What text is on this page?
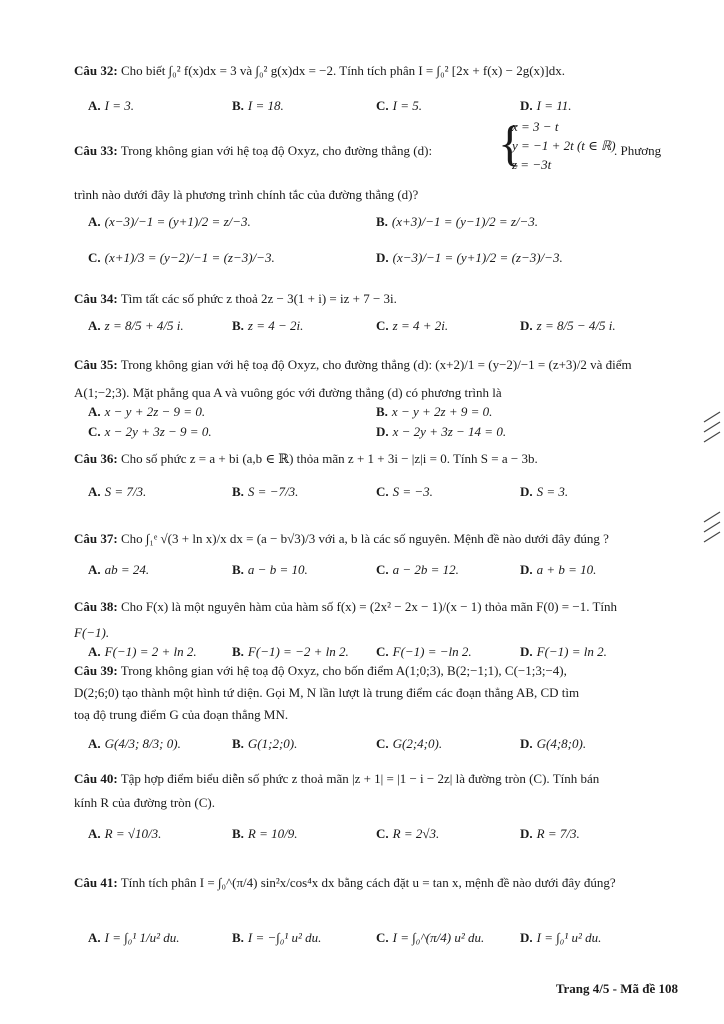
Câu 32: Cho biết ∫₀² f(x)dx = 3 và ∫₀² g(x)dx = −2. Tính tích phân I = ∫₀² [2x + f(x) − 2g(x)]dx.
A. I = 3.	B. I = 18.	C. I = 5.	D. I = 11.
Câu 33: Trong không gian với hệ toạ độ Oxyz, cho đường thẳng (d):	{
x = 3 − t
y = −1 + 2t (t ∈ ℝ)
z = −3t
. Phương
trình nào dưới đây là phương trình chính tắc của đường thẳng (d)?
A. (x−3)/−1 = (y+1)/2 = z/−3.	B. (x+3)/−1 = (y−1)/2 = z/−3.
C. (x+1)/3 = (y−2)/−1 = (z−3)/−3.	D. (x−3)/−1 = (y+1)/2 = (z−3)/−3.
Câu 34: Tìm tất các số phức z thoả 2z − 3(1 + i) = iz + 7 − 3i.
A. z = 8/5 + 4/5 i.	B. z = 4 − 2i.	C. z = 4 + 2i.	D. z = 8/5 − 4/5 i.
Câu 35: Trong không gian với hệ toạ độ Oxyz, cho đường thẳng (d): (x+2)/1 = (y−2)/−1 = (z+3)/2 và điểm
A(1;−2;3). Mặt phẳng qua A và vuông góc với đường thẳng (d) có phương trình là
A. x − y + 2z − 9 = 0.	B. x − y + 2z + 9 = 0.
C. x − 2y + 3z − 9 = 0.	D. x − 2y + 3z − 14 = 0.
Câu 36: Cho số phức z = a + bi (a,b ∈ ℝ) thỏa mãn z + 1 + 3i − |z|i = 0. Tính S = a − 3b.
A. S = 7/3.	B. S = −7/3.	C. S = −3.	D. S = 3.
Câu 37: Cho ∫₁ᵉ √(3 + ln x)/x dx = (a − b√3)/3 với a, b là các số nguyên. Mệnh đề nào dưới đây đúng ?
A. ab = 24.	B. a − b = 10.	C. a − 2b = 12.	D. a + b = 10.
Câu 38: Cho F(x) là một nguyên hàm của hàm số f(x) = (2x² − 2x − 1)/(x − 1) thỏa mãn F(0) = −1. Tính
F(−1).
A. F(−1) = 2 + ln 2.	B. F(−1) = −2 + ln 2. C. F(−1) = −ln 2.	D. F(−1) = ln 2.
Câu 39: Trong không gian với hệ toạ độ Oxyz, cho bốn điểm A(1;0;3), B(2;−1;1), C(−1;3;−4),
D(2;6;0) tạo thành một hình tứ diện. Gọi M, N lần lượt là trung điểm các đoạn thẳng AB, CD tìm
toạ độ trung điểm G của đoạn thẳng MN.
A. G(4/3; 8/3; 0).	B. G(1;2;0).	C. G(2;4;0).	D. G(4;8;0).
Câu 40: Tập hợp điểm biểu diễn số phức z thoả mãn |z + 1| = |1 − i − 2z| là đường tròn (C). Tính bán
kính R của đường tròn (C).
A. R = √10/3.	B. R = 10/9.	C. R = 2√3.	D. R = 7/3.
Câu 41: Tính tích phân I = ∫₀^(π/4) sin²x/cos⁴x dx bằng cách đặt u = tan x, mệnh đề nào dưới đây đúng?
A. I = ∫₀¹ 1/u² du.	B. I = −∫₀¹ u² du.	C. I = ∫₀^(π/4) u² du.	D. I = ∫₀¹ u² du.
Trang 4/5 - Mã đề 108
